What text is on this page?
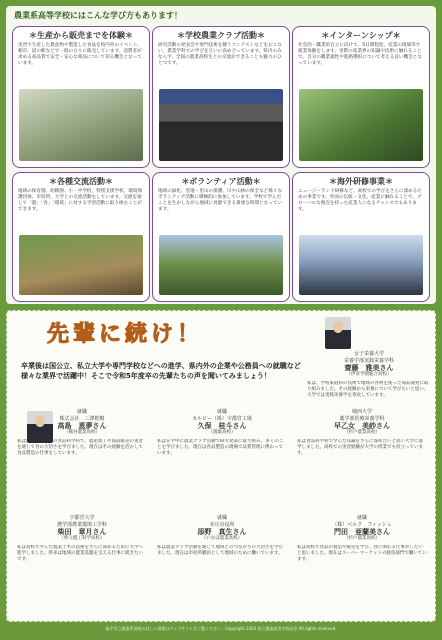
農業系高等学校にはこんな学び方もあります！
＊生産から販売までを体験＊

実習で生産した農産物や製造した食品を校内外のイベント、朝市、道の駅などで一般の方々に販売しています。消費者が求める高品質で安全・安心な商品について知る機会となっています。

＊学校農業クラブ活動＊

研究活動の発表会や専門技術を競うコンテストなどをおこない、農業学科での学びを互いに高め合っています。県内のみならず、全国の農業高校生との交流ができることも魅力のひとつです。

＊インターンシップ＊

社会的・職業的自立に向けて、5日間程度、産業の現場等で就業体験をします。実際の産業界の知識や技術に触れることで、自分の職業適性や進路選択について考える良い機会となっています。

＊各種交流活動＊

地域の保育園、幼稚園、小・中学校、特別支援学校、環境保護団体、市役所、大学との交流活動をしています。交流を通じて「農」「食」「環境」に対する学習活動に取り組むことができます。

＊ボランティア活動＊

地域の緑化、里地・里山の保護、川や山林の保全など様々なボランティア活動に積極的に参加しています。学校で学んだことを生かしながら地域に貢献できる貴重な時間となっています。

＊海外研修事業＊

ニュージーランド研修など、高校での学びをさらに深めるための事業です。外国の伝統・文化、産業に触れることで、グローバルな視点を持った産業人になるチャンスでもあります。

先輩に続け！
卒業後は国公立、私立大学や専門学校などへの進学、県内外の企業や公務員への就職など様々な業界で活躍中！そこで令和5年度卒の先輩たちの声を聞いてみましょう！
女子栄養大学
栄養学部実践栄養学科
齋藤　雅美さん
（伊奈学園総合高校）
私は、学校家庭科の技術で地域の食材を使った商品開発に取り組みました。その経験から栄養について学びたいと思い、大学では実践栄養学を専攻しています。
就職
株式会社　三澤乾鴨
高島　恵夢さん
（熊谷農業高校）
私は熊谷農業高校の食品科学科で、農産加工や商品販売の実習を通じて食の大切さを学びました。現在はその経験を活かして食品製造の仕事をしています。
就職
カルビー（株）宇都宮工場
久保　桂斗さん
（鴻巣高校）
私は在学中に農業クラブ活動で研究発表に取り組み、多くのことを学びました。現在は食品製造の現場で品質管理に携わっています。
城西大学
薬学部医療栄養学科
早乙女　美紗さん
（杉戸農業高校）
私は食品科学科で学んだ知識をさらに深めたいと思い大学に進学しました。高校での実習経験が大学の授業でも役立っています。
宇都宮大学
農学部農業環境工学科
柴田　章月さん
（秩父農工科学高校）
私は高校で学んだ農業土木の技術をさらに深めるために大学へ進学しました。将来は地域の農業基盤を支える仕事に就きたいです。
就職
本庄市役所
添野　真生さん
（いなほ農業高校）
私は農業クラブ活動を通じて地域とのつながりの大切さを学びました。現在は市役所職員として地域のために働いています。
就職
（株）ベルク　フィッシュ
門田　亜蘭美さん
（杉戸農業高校）
私は高校で食品の製造や販売を学び、食に関わる仕事がしたいと思いました。現在はスーパーマーケットの鮮魚部門で働いています。
取手市立農業系高校の詳しい情報はウェブサイトをご覧ください　Copyright 2024 県立農業高等学校長会 All rights reserved.
